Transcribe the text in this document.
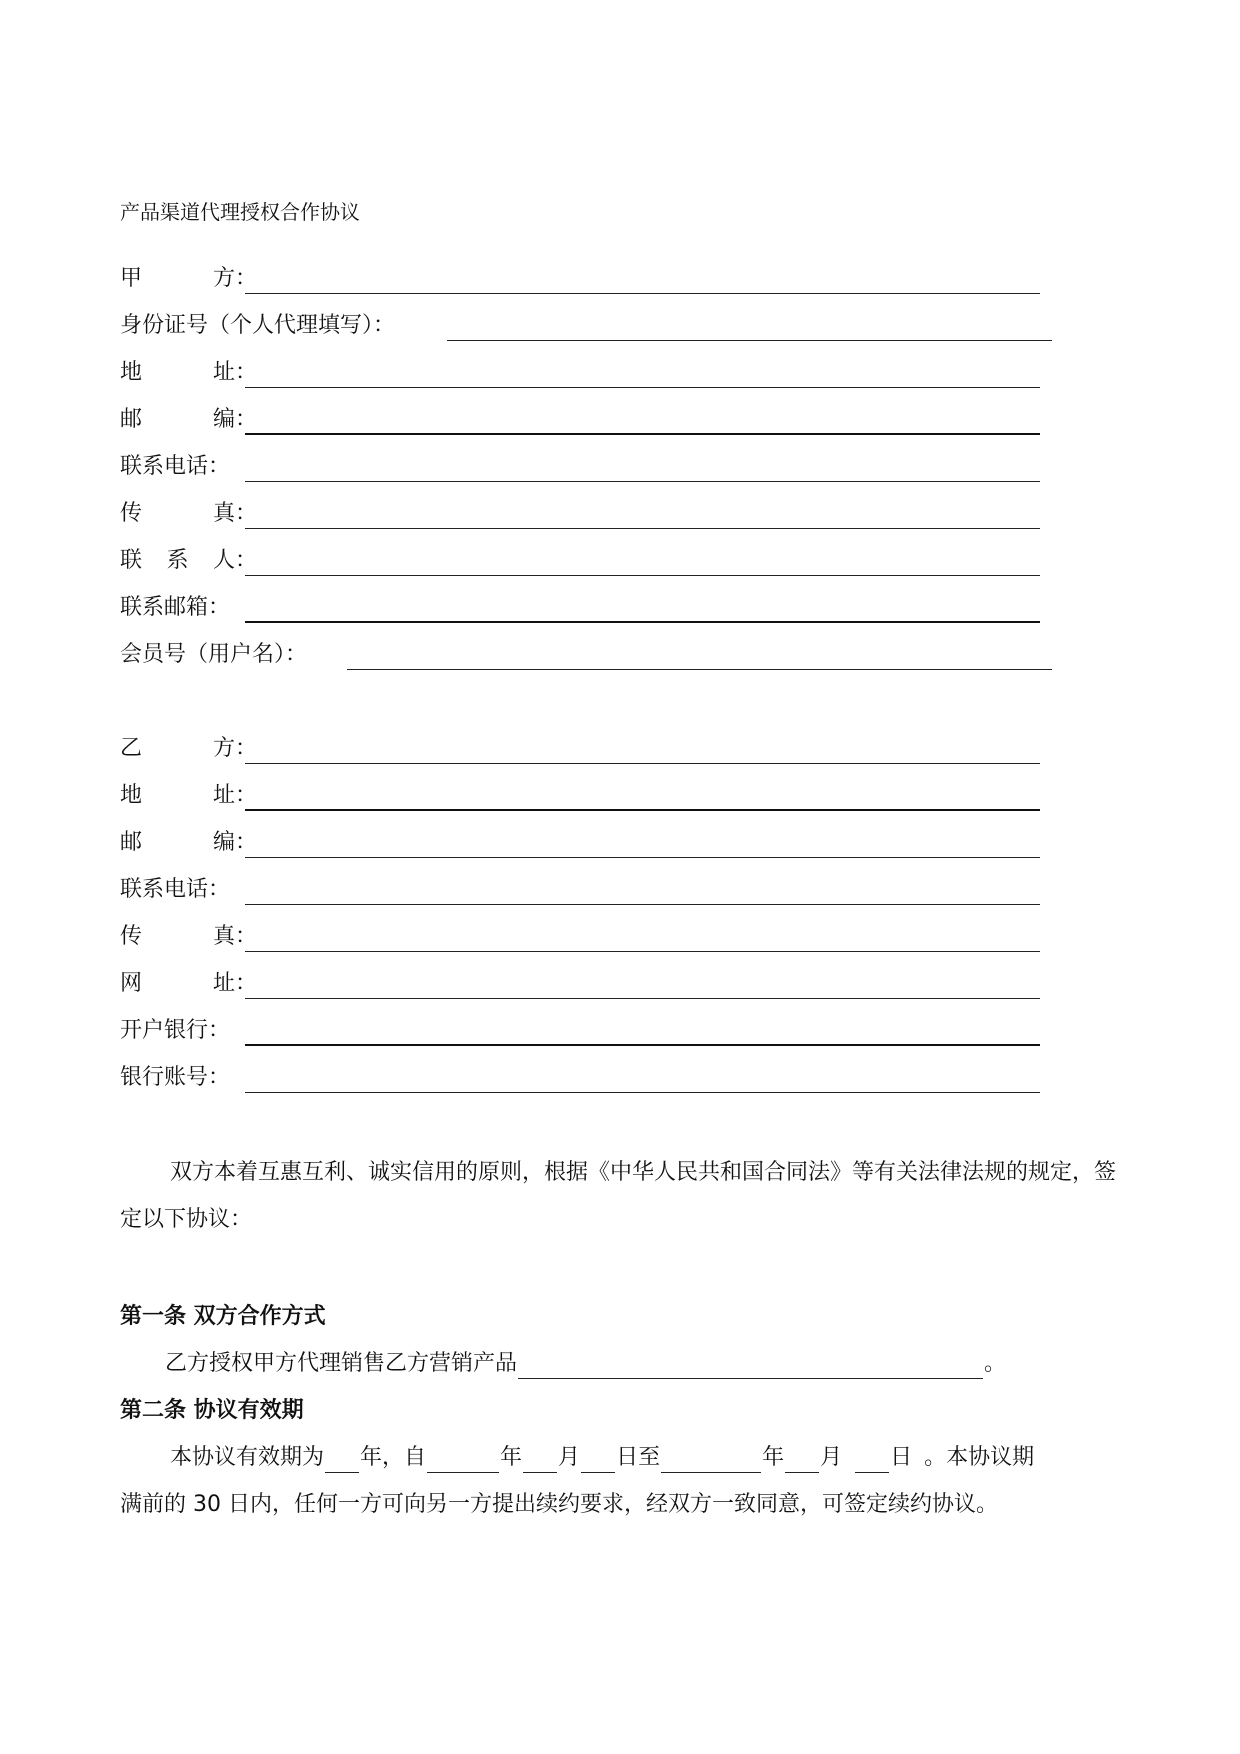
产品渠道代理授权合作协议
甲	方 ：
身份证号（个人代理填写）：
地	址 ：
邮	编 ：
联系电话 ：
传	真 ：
联 系 人 ：
联系邮箱 ：
会员号（用户名）：
乙	方 ：
地	址 ：
邮	编 ：
联系电话 ：
传	真 ：
网	址 ：
开户银行 ：
银行账号 ：
双方本着互惠互利、诚实信用的原则，根据《中华人民共和国合同法》等有关法律法规的规定，签定以下协议：
第一条 双方合作方式
乙方授权甲方代理销售乙方营销产品	。
第二条 协议有效期
本协议有效期为 年，自	年 月 日至	年 月 日 。本协议期
满前的 30 日内，任何一方可向另一方提出续约要求，经双方一致同意，可签定续约协议。
